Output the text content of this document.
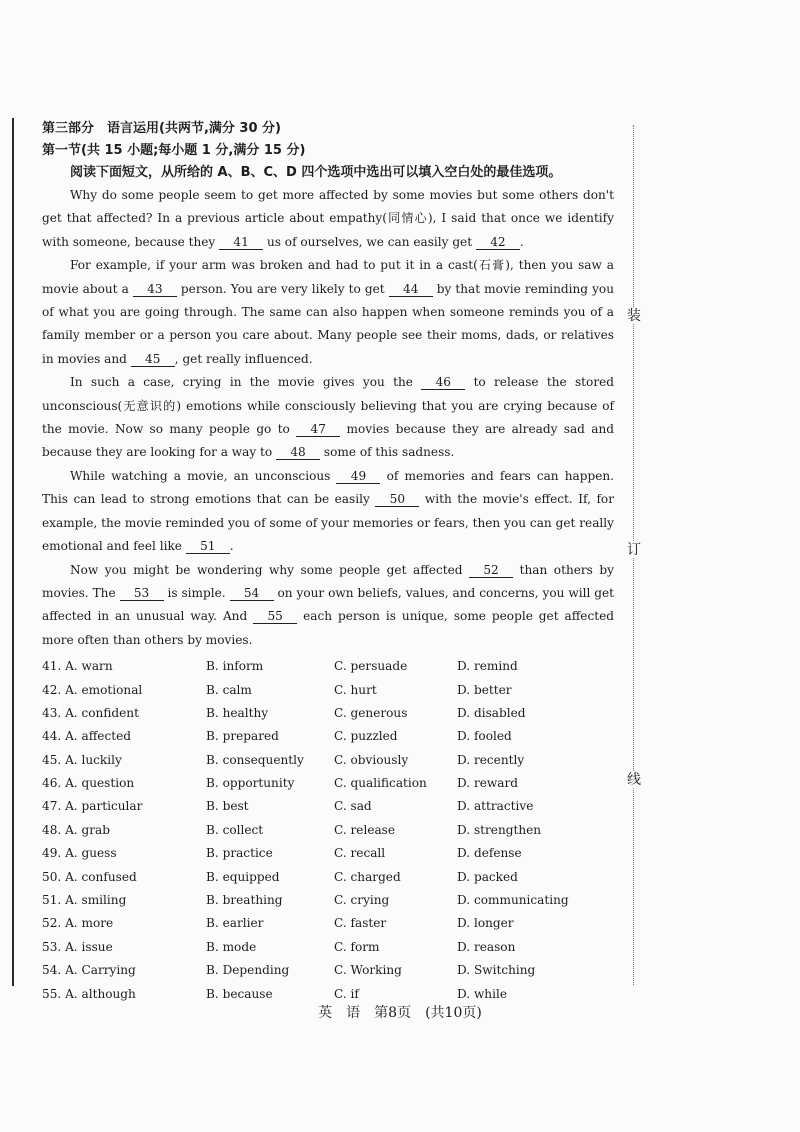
装
订
线

第三部分　语言运用(共两节,满分 30 分)

第一节(共 15 小题;每小题 1 分,满分 15 分)

阅读下面短文，从所给的 A、B、C、D 四个选项中选出可以填入空白处的最佳选项。

Why do some people seem to get more affected by some movies but some others don't get that affected? In a previous article about empathy(同情心), I said that once we identify with someone, because they 41 us of ourselves, we can easily get 42 .

For example, if your arm was broken and had to put it in a cast(石膏), then you saw a movie about a 43 person. You are very likely to get 44 by that movie reminding you of what you are going through. The same can also happen when someone reminds you of a family member or a person you care about. Many people see their moms, dads, or relatives in movies and 45 , get really influenced.

In such a case, crying in the movie gives you the 46 to release the stored unconscious(无意识的) emotions while consciously believing that you are crying because of the movie. Now so many people go to 47 movies because they are already sad and because they are looking for a way to 48 some of this sadness.

While watching a movie, an unconscious 49 of memories and fears can happen. This can lead to strong emotions that can be easily 50 with the movie's effect. If, for example, the movie reminded you of some of your memories or fears, then you can get really emotional and feel like 51 .

Now you might be wondering why some people get affected 52 than others by movies. The 53 is simple. 54 on your own beliefs, values, and concerns, you will get affected in an unusual way. And 55 each person is unique, some people get affected more often than others by movies.

41. A. warn	B. inform	C. persuade	D. remind
42. A. emotional	B. calm	C. hurt	D. better
43. A. confident	B. healthy	C. generous	D. disabled
44. A. affected	B. prepared	C. puzzled	D. fooled
45. A. luckily	B. consequently	C. obviously	D. recently
46. A. question	B. opportunity	C. qualification	D. reward
47. A. particular	B. best	C. sad	D. attractive
48. A. grab	B. collect	C. release	D. strengthen
49. A. guess	B. practice	C. recall	D. defense
50. A. confused	B. equipped	C. charged	D. packed
51. A. smiling	B. breathing	C. crying	D. communicating
52. A. more	B. earlier	C. faster	D. longer
53. A. issue	B. mode	C. form	D. reason
54. A. Carrying	B. Depending	C. Working	D. Switching
55. A. although	B. because	C. if	D. while
英　语　第8页　(共10页)
